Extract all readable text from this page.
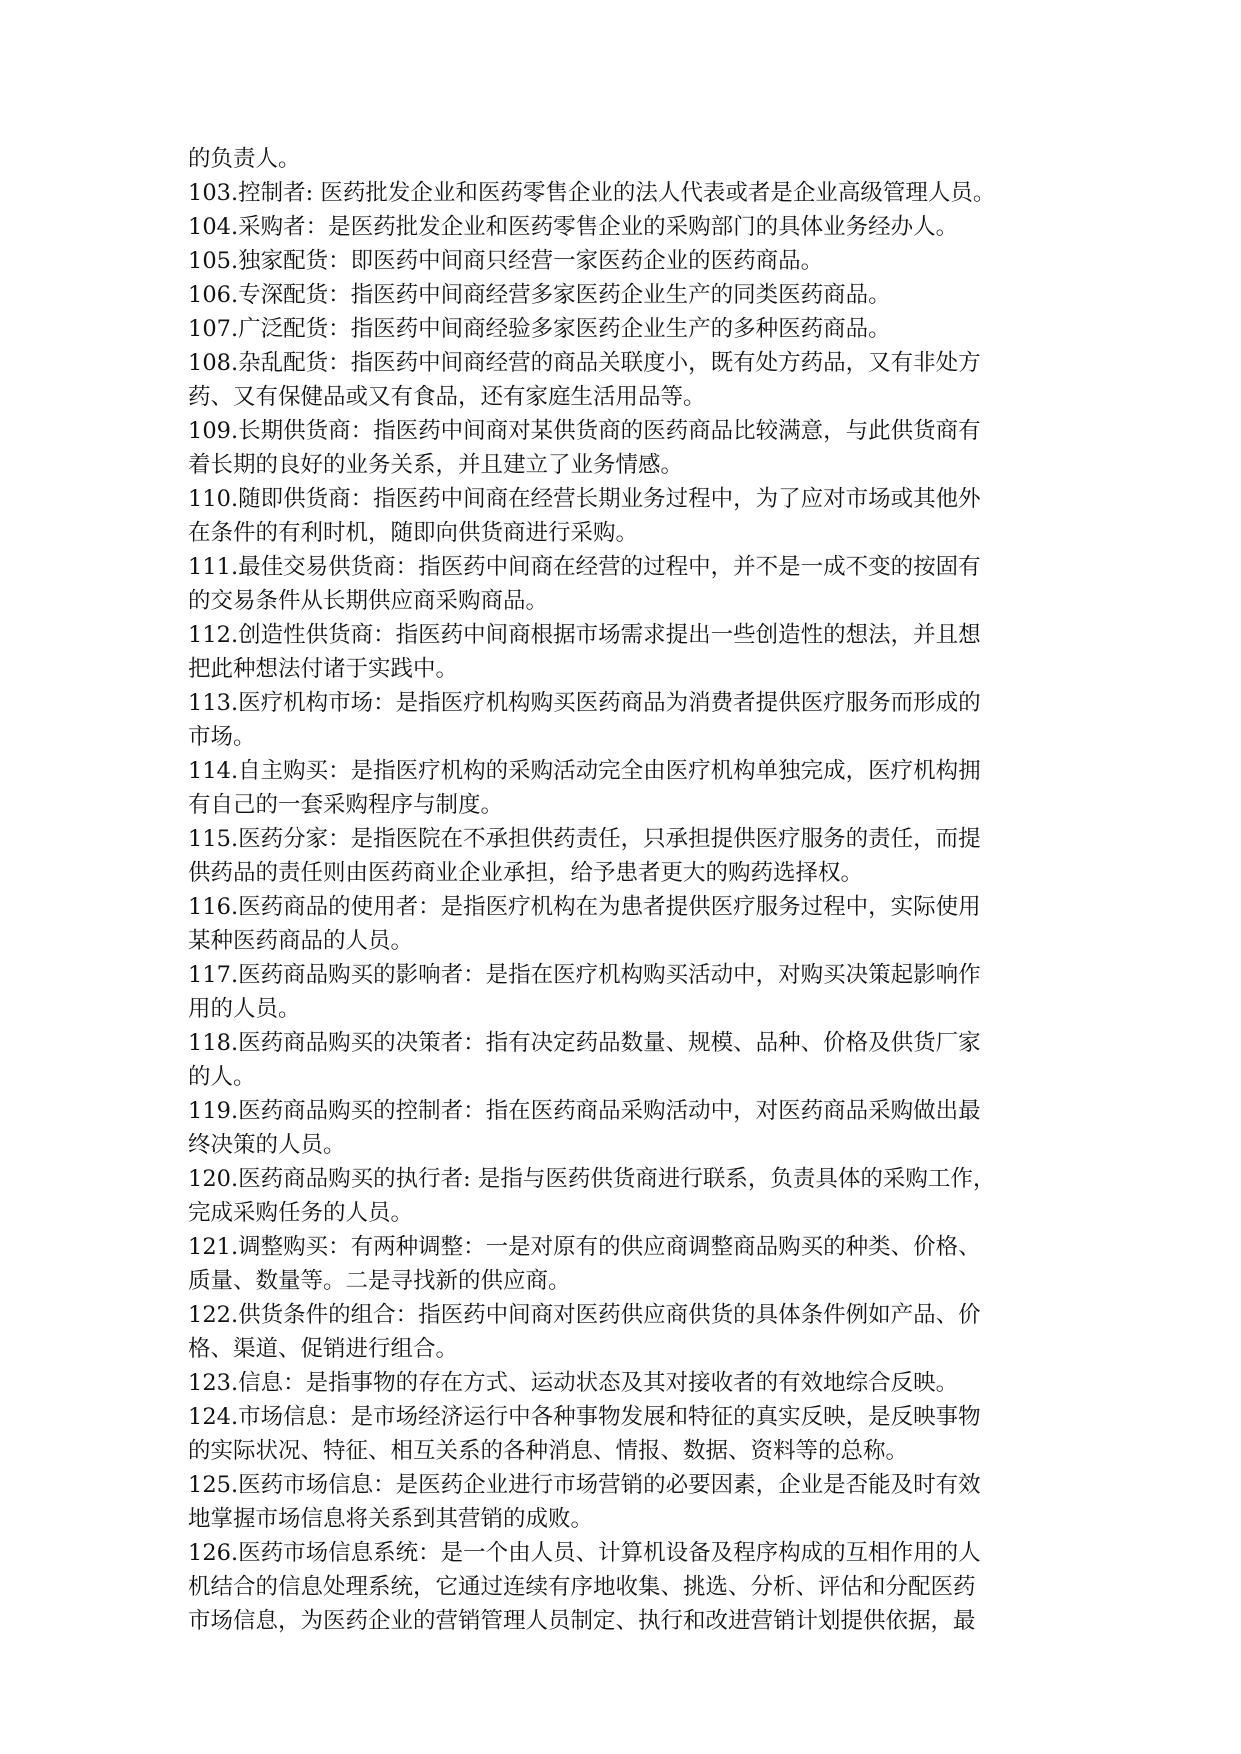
的负责人。
103.控制者: 医药批发企业和医药零售企业的法人代表或者是企业高级管理人员。
104.采购者：是医药批发企业和医药零售企业的采购部门的具体业务经办人。
105.独家配货：即医药中间商只经营一家医药企业的医药商品。
106.专深配货：指医药中间商经营多家医药企业生产的同类医药商品。
107.广泛配货：指医药中间商经验多家医药企业生产的多种医药商品。
108.杂乱配货：指医药中间商经营的商品关联度小，既有处方药品，又有非处方
药、又有保健品或又有食品，还有家庭生活用品等。
109.长期供货商：指医药中间商对某供货商的医药商品比较满意，与此供货商有
着长期的良好的业务关系，并且建立了业务情感。
110.随即供货商：指医药中间商在经营长期业务过程中，为了应对市场或其他外
在条件的有利时机，随即向供货商进行采购。
111.最佳交易供货商：指医药中间商在经营的过程中，并不是一成不变的按固有
的交易条件从长期供应商采购商品。
112.创造性供货商：指医药中间商根据市场需求提出一些创造性的想法，并且想
把此种想法付诸于实践中。
113.医疗机构市场：是指医疗机构购买医药商品为消费者提供医疗服务而形成的
市场。
114.自主购买：是指医疗机构的采购活动完全由医疗机构单独完成，医疗机构拥
有自己的一套采购程序与制度。
115.医药分家：是指医院在不承担供药责任，只承担提供医疗服务的责任，而提
供药品的责任则由医药商业企业承担，给予患者更大的购药选择权。
116.医药商品的使用者：是指医疗机构在为患者提供医疗服务过程中，实际使用
某种医药商品的人员。
117.医药商品购买的影响者：是指在医疗机构购买活动中，对购买决策起影响作
用的人员。
118.医药商品购买的决策者：指有决定药品数量、规模、品种、价格及供货厂家
的人。
119.医药商品购买的控制者：指在医药商品采购活动中，对医药商品采购做出最
终决策的人员。
120.医药商品购买的执行者: 是指与医药供货商进行联系，负责具体的采购工作，
完成采购任务的人员。
121.调整购买：有两种调整：一是对原有的供应商调整商品购买的种类、价格、
质量、数量等。二是寻找新的供应商。
122.供货条件的组合：指医药中间商对医药供应商供货的具体条件例如产品、价
格、渠道、促销进行组合。
123.信息：是指事物的存在方式、运动状态及其对接收者的有效地综合反映。
124.市场信息：是市场经济运行中各种事物发展和特征的真实反映，是反映事物
的实际状况、特征、相互关系的各种消息、情报、数据、资料等的总称。
125.医药市场信息：是医药企业进行市场营销的必要因素，企业是否能及时有效
地掌握市场信息将关系到其营销的成败。
126.医药市场信息系统：是一个由人员、计算机设备及程序构成的互相作用的人
机结合的信息处理系统，它通过连续有序地收集、挑选、分析、评估和分配医药
市场信息，为医药企业的营销管理人员制定、执行和改进营销计划提供依据，最
